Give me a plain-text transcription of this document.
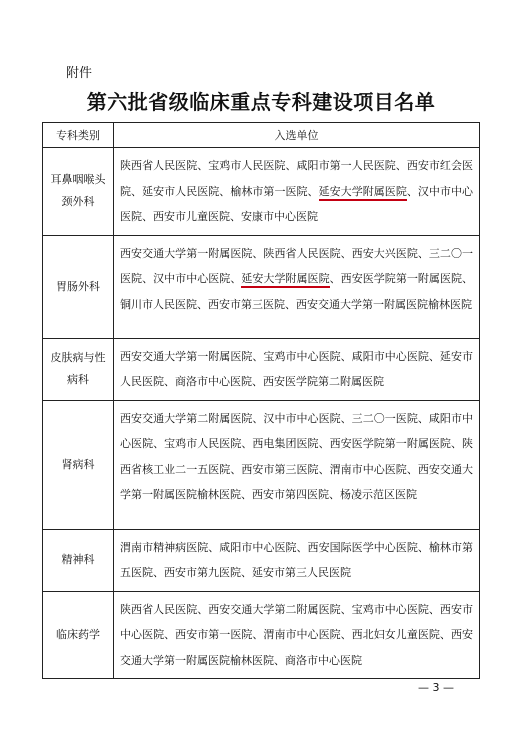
附件
第六批省级临床重点专科建设项目名单
专科类别	入选单位
耳鼻咽喉头颈外科	陕西省人民医院、宝鸡市人民医院、咸阳市第一人民医院、西安市红会医院、延安市人民医院、榆林市第一医院、延安大学附属医院、汉中市中心医院、西安市儿童医院、安康市中心医院
胃肠外科	西安交通大学第一附属医院、陕西省人民医院、西安大兴医院、三二〇一医院、汉中市中心医院、延安大学附属医院、西安医学院第一附属医院、铜川市人民医院、西安市第三医院、西安交通大学第一附属医院榆林医院
皮肤病与性病科	西安交通大学第一附属医院、宝鸡市中心医院、咸阳市中心医院、延安市人民医院、商洛市中心医院、西安医学院第二附属医院
肾病科	西安交通大学第二附属医院、汉中市中心医院、三二〇一医院、咸阳市中心医院、宝鸡市人民医院、西电集团医院、西安医学院第一附属医院、陕西省核工业二一五医院、西安市第三医院、渭南市中心医院、西安交通大学第一附属医院榆林医院、西安市第四医院、杨凌示范区医院
精神科	渭南市精神病医院、咸阳市中心医院、西安国际医学中心医院、榆林市第五医院、西安市第九医院、延安市第三人民医院
临床药学	陕西省人民医院、西安交通大学第二附属医院、宝鸡市中心医院、西安市中心医院、西安市第一医院、渭南市中心医院、西北妇女儿童医院、西安交通大学第一附属医院榆林医院、商洛市中心医院
— 3 —
